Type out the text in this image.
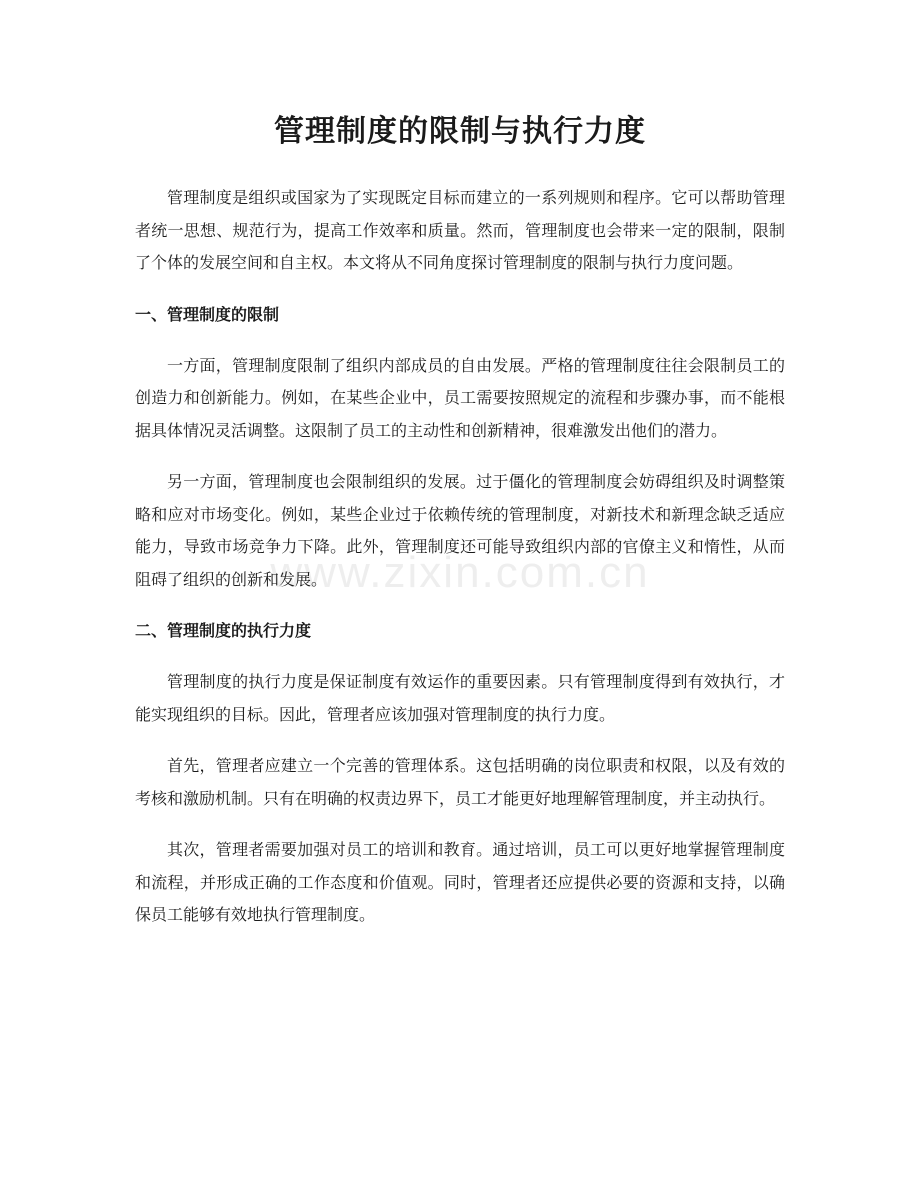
www.zixin.com.cn
管理制度的限制与执行力度

管理制度是组织或国家为了实现既定目标而建立的一系列规则和程序。它可以帮助管理者统一思想、规范行为，提高工作效率和质量。然而，管理制度也会带来一定的限制，限制了个体的发展空间和自主权。本文将从不同角度探讨管理制度的限制与执行力度问题。

一、管理制度的限制

一方面，管理制度限制了组织内部成员的自由发展。严格的管理制度往往会限制员工的创造力和创新能力。例如，在某些企业中，员工需要按照规定的流程和步骤办事，而不能根据具体情况灵活调整。这限制了员工的主动性和创新精神，很难激发出他们的潜力。

另一方面，管理制度也会限制组织的发展。过于僵化的管理制度会妨碍组织及时调整策略和应对市场变化。例如，某些企业过于依赖传统的管理制度，对新技术和新理念缺乏适应能力，导致市场竞争力下降。此外，管理制度还可能导致组织内部的官僚主义和惰性，从而阻碍了组织的创新和发展。

二、管理制度的执行力度

管理制度的执行力度是保证制度有效运作的重要因素。只有管理制度得到有效执行，才能实现组织的目标。因此，管理者应该加强对管理制度的执行力度。

首先，管理者应建立一个完善的管理体系。这包括明确的岗位职责和权限，以及有效的考核和激励机制。只有在明确的权责边界下，员工才能更好地理解管理制度，并主动执行。

其次，管理者需要加强对员工的培训和教育。通过培训，员工可以更好地掌握管理制度和流程，并形成正确的工作态度和价值观。同时，管理者还应提供必要的资源和支持，以确保员工能够有效地执行管理制度。
